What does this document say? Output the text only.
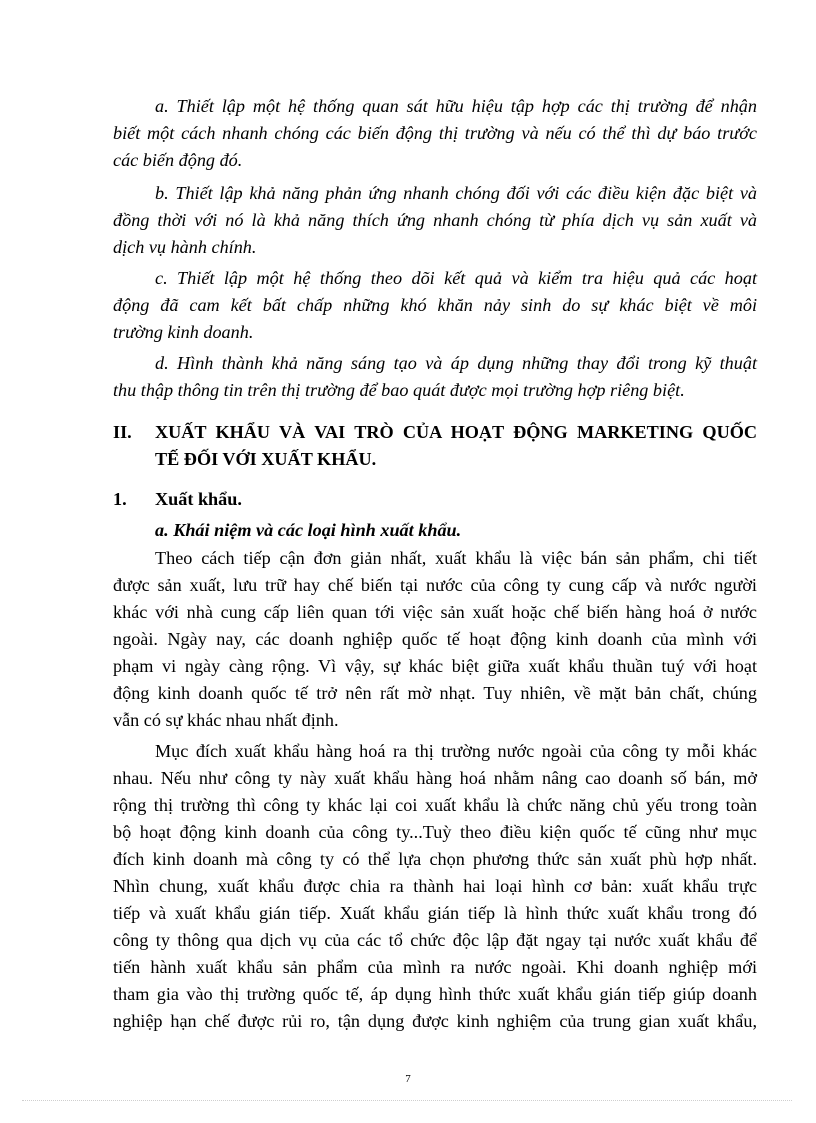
a. Thiết lập một hệ thống quan sát hữu hiệu tập hợp các thị trường để nhận
biết một cách nhanh chóng các biến động thị trường và nếu có thể thì dự báo trước
các biến động đó.
b. Thiết lập khả năng phản ứng nhanh chóng đối với các điều kiện đặc biệt và
đồng thời với nó là khả năng thích ứng nhanh chóng từ phía dịch vụ sản xuất và
dịch vụ hành chính.
c. Thiết lập một hệ thống theo dõi kết quả và kiểm tra hiệu quả các hoạt
động đã cam kết bất chấp những khó khăn nảy sinh do sự khác biệt về môi
trường kinh doanh.
d. Hình thành khả năng sáng tạo và áp dụng những thay đổi trong kỹ thuật
thu thập thông tin trên thị trường để bao quát được mọi trường hợp riêng biệt.
II. XUẤT KHẨU VÀ VAI TRÒ CỦA HOẠT ĐỘNG MARKETING QUỐC
TẾ ĐỐI VỚI XUẤT KHẨU.
1. Xuất khẩu.
a. Khái niệm và các loại hình xuất khẩu.
Theo cách tiếp cận đơn giản nhất, xuất khẩu là việc bán sản phẩm, chi tiết
được sản xuất, lưu trữ hay chế biến tại nước của công ty cung cấp và nước người
khác với nhà cung cấp liên quan tới việc sản xuất hoặc chế biến hàng hoá ở nước
ngoài. Ngày nay, các doanh nghiệp quốc tế hoạt động kinh doanh của mình với
phạm vi ngày càng rộng. Vì vậy, sự khác biệt giữa xuất khẩu thuần tuý với hoạt
động kinh doanh quốc tế trở nên rất mờ nhạt. Tuy nhiên, về mặt bản chất, chúng
vẫn có sự khác nhau nhất định.
Mục đích xuất khẩu hàng hoá ra thị trường nước ngoài của công ty mỗi khác
nhau. Nếu như công ty này xuất khẩu hàng hoá nhằm nâng cao doanh số bán, mở
rộng thị trường thì công ty khác lại coi xuất khẩu là chức năng chủ yếu trong toàn
bộ hoạt động kinh doanh của công ty...Tuỳ theo điều kiện quốc tế cũng như mục
đích kinh doanh mà công ty có thể lựa chọn phương thức sản xuất phù hợp nhất.
Nhìn chung, xuất khẩu được chia ra thành hai loại hình cơ bản: xuất khẩu trực
tiếp và xuất khẩu gián tiếp. Xuất khẩu gián tiếp là hình thức xuất khẩu trong đó
công ty thông qua dịch vụ của các tổ chức độc lập đặt ngay tại nước xuất khẩu để
tiến hành xuất khẩu sản phẩm của mình ra nước ngoài. Khi doanh nghiệp mới
tham gia vào thị trường quốc tế, áp dụng hình thức xuất khẩu gián tiếp giúp doanh
nghiệp hạn chế được rủi ro, tận dụng được kinh nghiệm của trung gian xuất khẩu,
7
